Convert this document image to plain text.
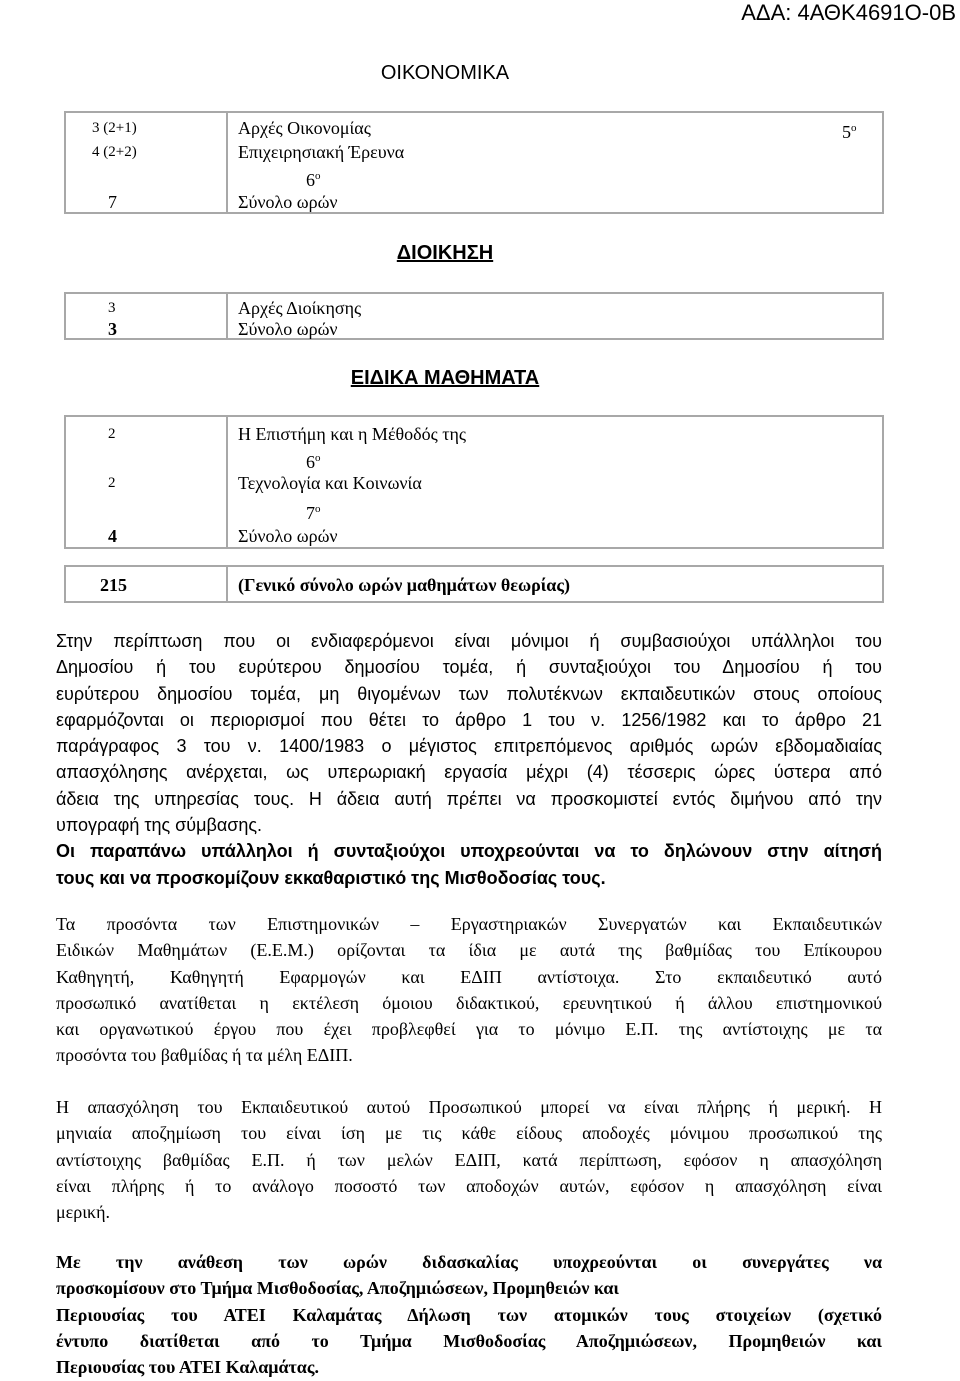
ΑΔΑ: 4ΑΘΚ4691Ο-0Β
ΟΙΚΟΝΟΜΙΚΑ
3 (2+1)	Αρχές Οικονομίας	$5^o$
4 (2+2)	Επιχειρησιακή Έρευνα
$6^o$
7	Σύνολο ωρών
ΔΙΟΙΚΗΣΗ
3	Αρχές Διοίκησης
3	Σύνολο ωρών
ΕΙΔΙΚΑ ΜΑΘΗΜΑΤΑ
2	Η Επιστήμη και η Μέθοδός της
$6^o$
2	Τεχνολογία και Κοινωνία
$7^o$
4	Σύνολο ωρών
215	(Γενικό σύνολο ωρών μαθημάτων θεωρίας)
Στην περίπτωση που οι ενδιαφερόμενοι είναι μόνιμοι ή συμβασιούχοι υπάλληλοι του
Δημοσίου ή του ευρύτερου δημοσίου τομέα, ή συνταξιούχοι του Δημοσίου ή του
ευρύτερου δημοσίου τομέα, μη θιγομένων των πολυτέκνων εκπαιδευτικών στους οποίους
εφαρμόζονται οι περιορισμοί που θέτει το άρθρο 1 του ν. 1256/1982 και το άρθρο 21
παράγραφος 3 του ν. 1400/1983 ο μέγιστος επιτρεπόμενος αριθμός ωρών εβδομαδιαίας
απασχόλησης ανέρχεται, ως υπερωριακή εργασία μέχρι (4) τέσσερις ώρες ύστερα από
άδεια της υπηρεσίας τους. Η άδεια αυτή πρέπει να προσκομιστεί εντός διμήνου από την
υπογραφή της σύμβασης.
Οι παραπάνω υπάλληλοι ή συνταξιούχοι υποχρεούνται να το δηλώνουν στην αίτησή
τους και να προσκομίζουν εκκαθαριστικό της Μισθοδοσίας τους.
Τα προσόντα των Επιστημονικών – Εργαστηριακών Συνεργατών και Εκπαιδευτικών
Ειδικών Μαθημάτων (Ε.Ε.Μ.) ορίζονται τα ίδια με αυτά της βαθμίδας του Επίκουρου
Καθηγητή, Καθηγητή Εφαρμογών και ΕΔΙΠ αντίστοιχα. Στο εκπαιδευτικό αυτό
προσωπικό ανατίθεται η εκτέλεση όμοιου διδακτικού, ερευνητικού ή άλλου επιστημονικού
και οργανωτικού έργου που έχει προβλεφθεί για το μόνιμο Ε.Π. της αντίστοιχης με τα
προσόντα του βαθμίδας ή τα μέλη ΕΔΙΠ.
Η απασχόληση του Εκπαιδευτικού αυτού Προσωπικού μπορεί να είναι πλήρης ή μερική. Η
μηνιαία αποζημίωση του είναι ίση με τις κάθε είδους αποδοχές μόνιμου προσωπικού της
αντίστοιχης βαθμίδας Ε.Π. ή των μελών ΕΔΙΠ, κατά περίπτωση, εφόσον η απασχόληση
είναι πλήρης ή το ανάλογο ποσοστό των αποδοχών αυτών, εφόσον η απασχόληση είναι
μερική.
Με την ανάθεση των ωρών διδασκαλίας υποχρεούνται οι συνεργάτες να
προσκομίσουν στο Τμήμα Μισθοδοσίας, Αποζημιώσεων, Προμηθειών και
Περιουσίας του ΑΤΕΙ Καλαμάτας Δήλωση των ατομικών τους στοιχείων (σχετικό
έντυπο διατίθεται από το Τμήμα Μισθοδοσίας Αποζημιώσεων, Προμηθειών και
Περιουσίας του ΑΤΕΙ Καλαμάτας.
